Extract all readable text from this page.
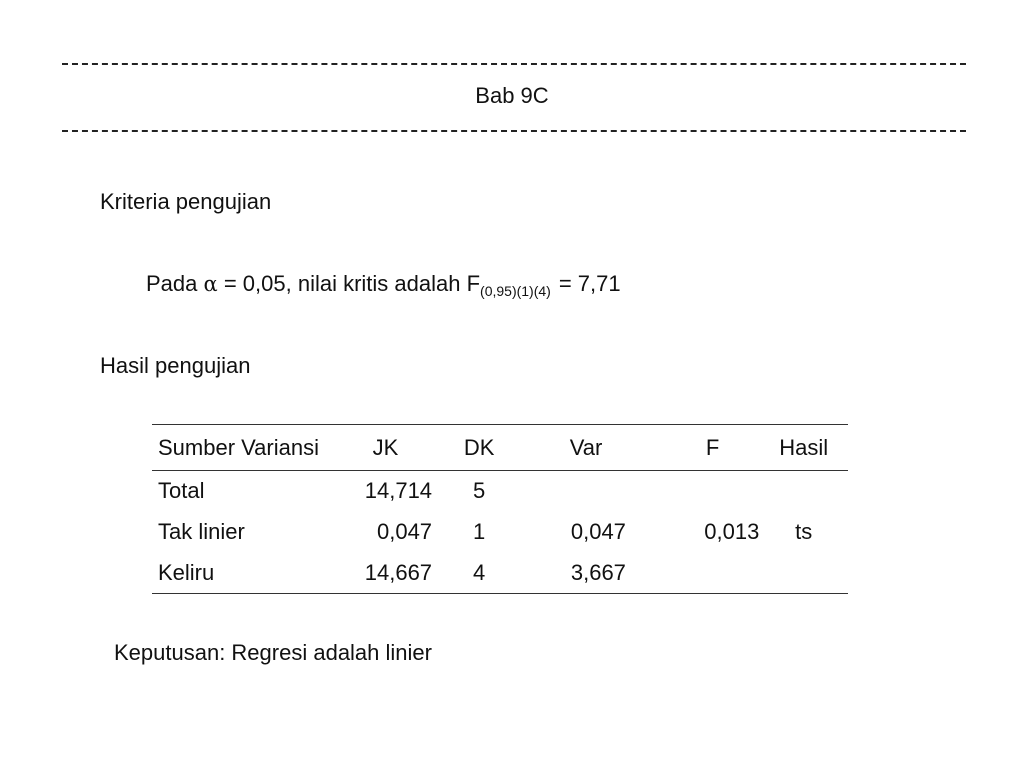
Bab 9C
Kriteria pengujian
Pada α = 0,05, nilai kritis adalah $F_{(0,95)(1)(4)} = 7,71$
Hasil pengujian
Sumber Variansi	JK	DK	Var	F	Hasil
Total	14,714	5			
Tak linier	0,047	1	0,047	0,013	ts
Keliru	14,667	4	3,667		
Keputusan: Regresi adalah linier
